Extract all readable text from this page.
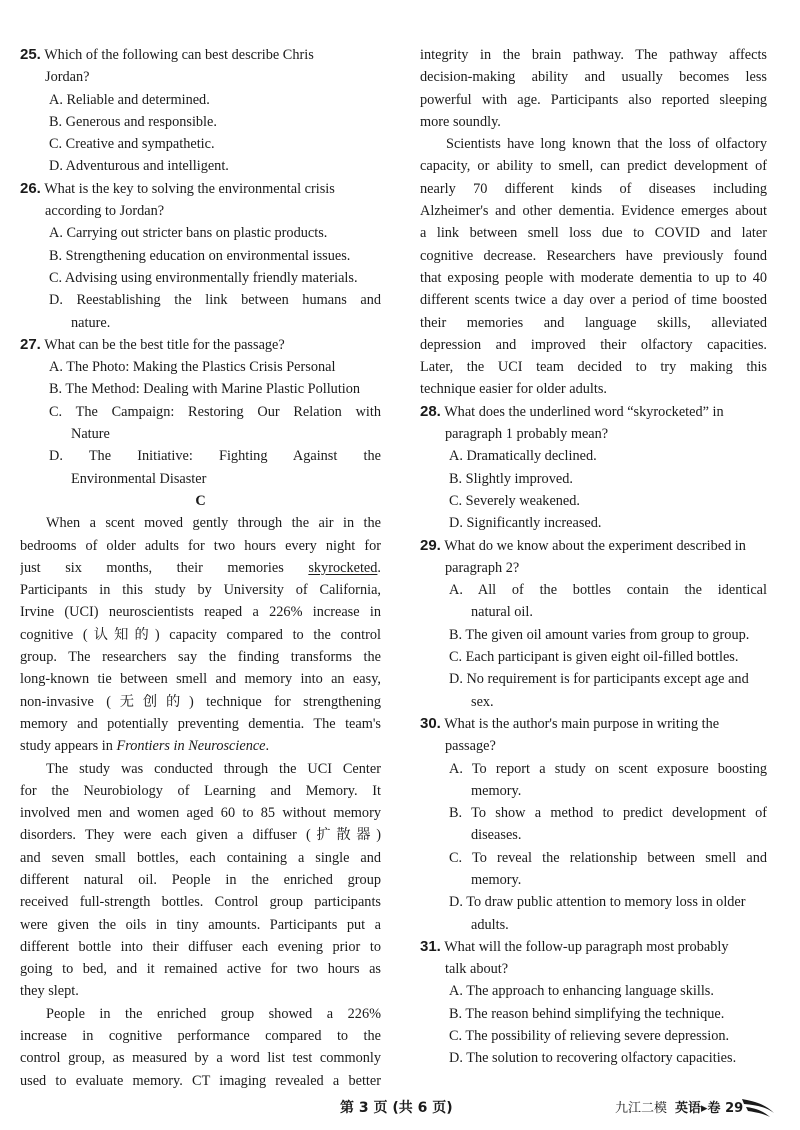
25. Which of the following can best describe Chris
Jordan?
A. Reliable and determined.
B. Generous and responsible.
C. Creative and sympathetic.
D. Adventurous and intelligent.
26. What is the key to solving the environmental crisis
according to Jordan?
A. Carrying out stricter bans on plastic products.
B. Strengthening education on environmental issues.
C. Advising using environmentally friendly materials.
D. Reestablishing the link between humans and
nature.
27. What can be the best title for the passage?
A. The Photo: Making the Plastics Crisis Personal
B. The Method: Dealing with Marine Plastic Pollution
C. The Campaign: Restoring Our Relation with
Nature
D. The Initiative: Fighting Against the
Environmental Disaster
C
When a scent moved gently through the air in the
bedrooms of older adults for two hours every night for
just six months, their memories skyrocketed.
Participants in this study by University of California,
Irvine (UCI) neuroscientists reaped a 226% increase in
cognitive (认知的) capacity compared to the control
group. The researchers say the finding transforms the
long-known tie between smell and memory into an easy,
non-invasive (无创的) technique for strengthening
memory and potentially preventing dementia. The team's
study appears in Frontiers in Neuroscience.
The study was conducted through the UCI Center
for the Neurobiology of Learning and Memory. It
involved men and women aged 60 to 85 without memory
disorders. They were each given a diffuser (扩散器)
and seven small bottles, each containing a single and
different natural oil. People in the enriched group
received full-strength bottles. Control group participants
were given the oils in tiny amounts. Participants put a
different bottle into their diffuser each evening prior to
going to bed, and it remained active for two hours as
they slept.
People in the enriched group showed a 226%
increase in cognitive performance compared to the
control group, as measured by a word list test commonly
used to evaluate memory. CT imaging revealed a better
integrity in the brain pathway. The pathway affects
decision-making ability and usually becomes less
powerful with age. Participants also reported sleeping
more soundly.
Scientists have long known that the loss of olfactory
capacity, or ability to smell, can predict development of
nearly 70 different kinds of diseases including
Alzheimer's and other dementia. Evidence emerges about
a link between smell loss due to COVID and later
cognitive decrease. Researchers have previously found
that exposing people with moderate dementia to up to 40
different scents twice a day over a period of time boosted
their memories and language skills, alleviated
depression and improved their olfactory capacities.
Later, the UCI team decided to try making this
technique easier for older adults.
28. What does the underlined word “skyrocketed” in
paragraph 1 probably mean?
A. Dramatically declined.
B. Slightly improved.
C. Severely weakened.
D. Significantly increased.
29. What do we know about the experiment described in
paragraph 2?
A. All of the bottles contain the identical
natural oil.
B. The given oil amount varies from group to group.
C. Each participant is given eight oil-filled bottles.
D. No requirement is for participants except age and
sex.
30. What is the author's main purpose in writing the
passage?
A. To report a study on scent exposure boosting
memory.
B. To show a method to predict development of
diseases.
C. To reveal the relationship between smell and
memory.
D. To draw public attention to memory loss in older
adults.
31. What will the follow-up paragraph most probably
talk about?
A. The approach to enhancing language skills.
B. The reason behind simplifying the technique.
C. The possibility of relieving severe depression.
D. The solution to recovering olfactory capacities.
第 3 页 (共 6 页)	九江二模 英语▸卷 29
